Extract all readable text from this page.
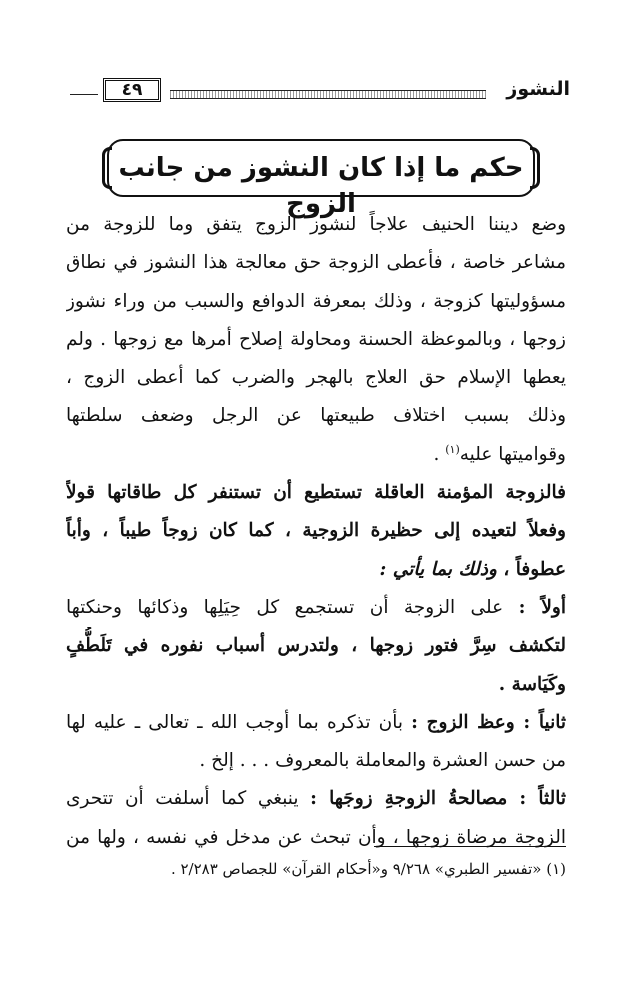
النشوز
٤٩
حكم ما إذا كان النشوز من جانب الزوج
وضع ديننا الحنيف علاجاً لنشوز الزوج يتفق وما للزوجة من
مشاعر خاصة ، فأعطى الزوجة حق معالجة هذا النشوز في نطاق
مسؤوليتها كزوجة ، وذلك بمعرفة الدوافع والسبب من وراء نشوز
زوجها ، وبالموعظة الحسنة ومحاولة إصلاح أمرها مع زوجها . ولم
يعطها الإسلام حق العلاج بالهجر والضرب كما أعطى الزوج ،
وذلك بسبب اختلاف طبيعتها عن الرجل وضعف سلطتها
وقواميتها عليه$^{(١)}$ .
فالزوجة المؤمنة العاقلة تستطيع أن تستنفر كل طاقاتها قولاً
وفعلاً لتعيده إلى حظيرة الزوجية ، كما كان زوجاً طيباً ، وأباً
عطوفاً ، وذلك بما يأتي :
أولاً : على الزوجة أن تستجمع كل حِيَلِها وذكائها وحنكتها
لتكشف سِرَّ فتور زوجها ، ولتدرس أسباب نفوره في تَلَطُّفٍ
وكَيَاسة .
ثانياً : وعظ الزوج : بأن تذكره بما أوجب الله ـ تعالى ـ عليه لها
من حسن العشرة والمعاملة بالمعروف . . . إلخ .
ثالثاً : مصالحةُ الزوجةِ زوجَها : ينبغي كما أسلفت أن تتحرى
الزوجة مرضاة زوجها ، وأن تبحث عن مدخل في نفسه ، ولها من
(١) «تفسير الطبري» ٩/٢٦٨ و«أحكام القرآن» للجصاص ٢/٢٨٣ .
